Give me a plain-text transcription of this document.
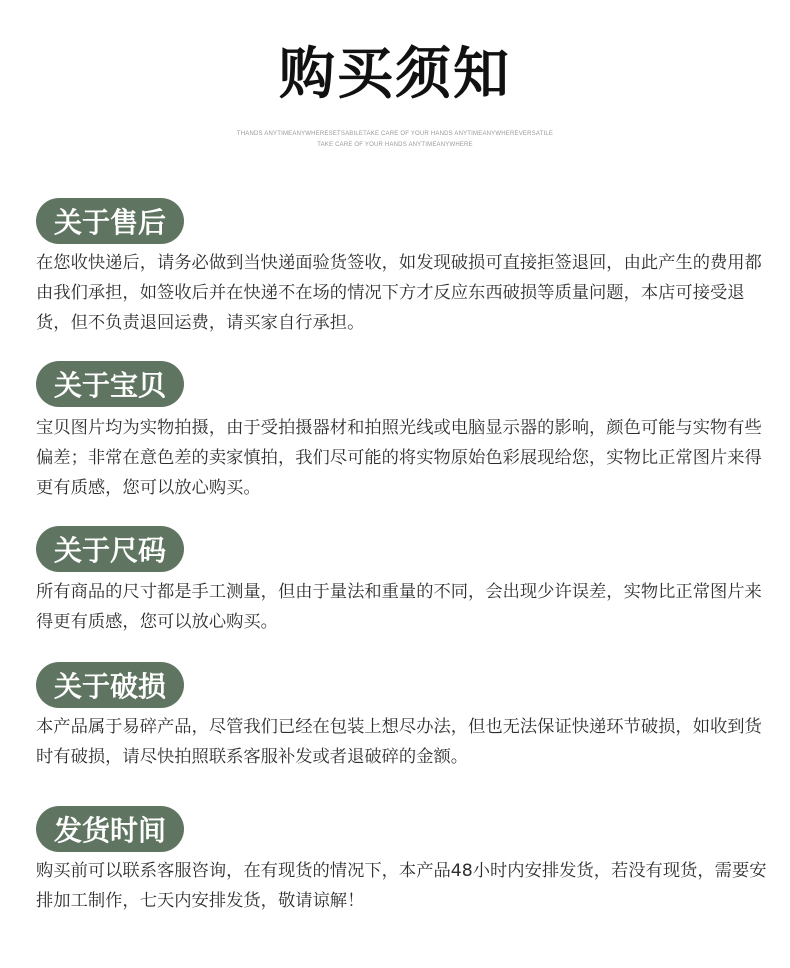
购买须知
THANDS ANYTIMEANYWHERESETSABILETAKE CARE OF YOUR HANDS ANYTIMEANYWHEREVERSATILE
TAKE CARE OF YOUR HANDS ANYTIMEANYWHERE
关于售后
在您收快递后，请务必做到当快递面验货签收，如发现破损可直接拒签退回，由此产生的费用都由我们承担，如签收后并在快递不在场的情况下方才反应东西破损等质量问题，本店可接受退货，但不负责退回运费，请买家自行承担。
关于宝贝
宝贝图片均为实物拍摄，由于受拍摄器材和拍照光线或电脑显示器的影响，颜色可能与实物有些偏差；非常在意色差的卖家慎拍，我们尽可能的将实物原始色彩展现给您，实物比正常图片来得更有质感，您可以放心购买。
关于尺码
所有商品的尺寸都是手工测量，但由于量法和重量的不同，会出现少许误差，实物比正常图片来得更有质感，您可以放心购买。
关于破损
本产品属于易碎产品，尽管我们已经在包装上想尽办法，但也无法保证快递环节破损，如收到货时有破损，请尽快拍照联系客服补发或者退破碎的金额。
发货时间
购买前可以联系客服咨询，在有现货的情况下，本产品48小时内安排发货，若没有现货，需要安排加工制作，七天内安排发货，敬请谅解！
